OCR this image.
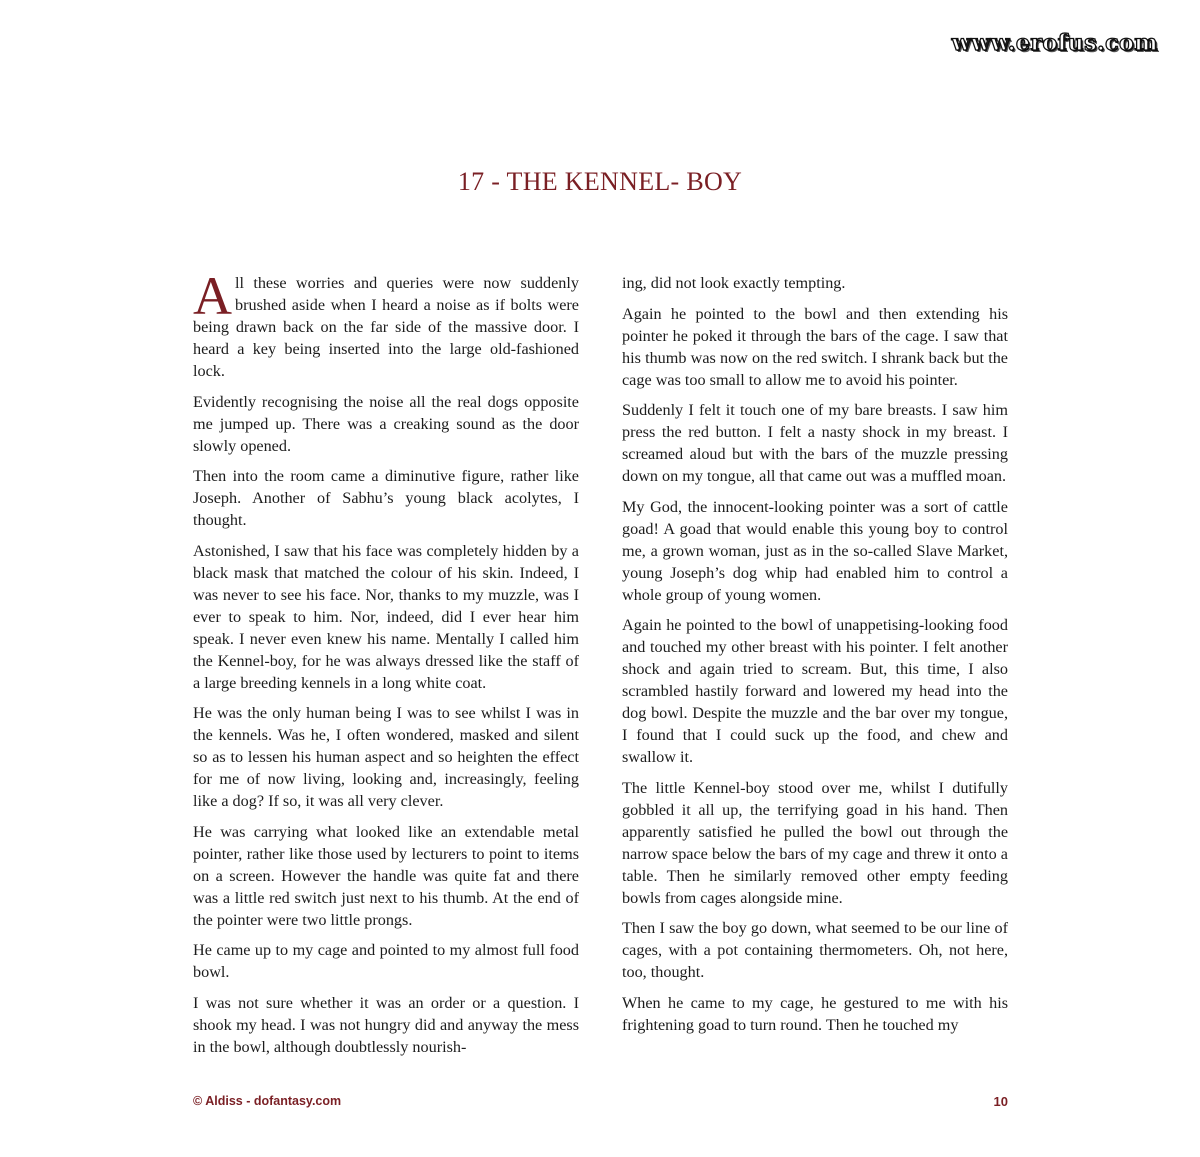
www.erofus.com
17 - THE KENNEL- BOY

All these worries and queries were now suddenly brushed aside when I heard a noise as if bolts were being drawn back on the far side of the massive door. I heard a key being inserted into the large old-fashioned lock.

Evidently recognising the noise all the real dogs opposite me jumped up. There was a creaking sound as the door slowly opened.

Then into the room came a diminutive figure, rather like Joseph. Another of Sabhu’s young black acolytes, I thought.

Astonished, I saw that his face was completely hidden by a black mask that matched the colour of his skin. Indeed, I was never to see his face. Nor, thanks to my muzzle, was I ever to speak to him. Nor, indeed, did I ever hear him speak. I never even knew his name. Mentally I called him the Kennel-boy, for he was always dressed like the staff of a large breeding kennels in a long white coat.

He was the only human being I was to see whilst I was in the kennels. Was he, I often wondered, masked and silent so as to lessen his human aspect and so heighten the effect for me of now living, looking and, increasingly, feeling like a dog? If so, it was all very clever.

He was carrying what looked like an extendable metal pointer, rather like those used by lecturers to point to items on a screen. However the handle was quite fat and there was a little red switch just next to his thumb. At the end of the pointer were two little prongs.

He came up to my cage and pointed to my almost full food bowl.

I was not sure whether it was an order or a question. I shook my head. I was not hungry did and anyway the mess in the bowl, although doubtlessly nourish-

ing, did not look exactly tempting.

Again he pointed to the bowl and then extending his pointer he poked it through the bars of the cage. I saw that his thumb was now on the red switch. I shrank back but the cage was too small to allow me to avoid his pointer.

Suddenly I felt it touch one of my bare breasts. I saw him press the red button. I felt a nasty shock in my breast. I screamed aloud but with the bars of the muzzle pressing down on my tongue, all that came out was a muffled moan.

My God, the innocent-looking pointer was a sort of cattle goad! A goad that would enable this young boy to control me, a grown woman, just as in the so-called Slave Market, young Joseph’s dog whip had enabled him to control a whole group of young women.

Again he pointed to the bowl of unappetising-looking food and touched my other breast with his pointer. I felt another shock and again tried to scream. But, this time, I also scrambled hastily forward and lowered my head into the dog bowl. Despite the muzzle and the bar over my tongue, I found that I could suck up the food, and chew and swallow it.

The little Kennel-boy stood over me, whilst I dutifully gobbled it all up, the terrifying goad in his hand. Then apparently satisfied he pulled the bowl out through the narrow space below the bars of my cage and threw it onto a table. Then he similarly removed other empty feeding bowls from cages alongside mine.

Then I saw the boy go down, what seemed to be our line of cages, with a pot containing thermometers. Oh, not here, too, thought.

When he came to my cage, he gestured to me with his frightening goad to turn round. Then he touched my

© Aldiss - dofantasy.com	10
